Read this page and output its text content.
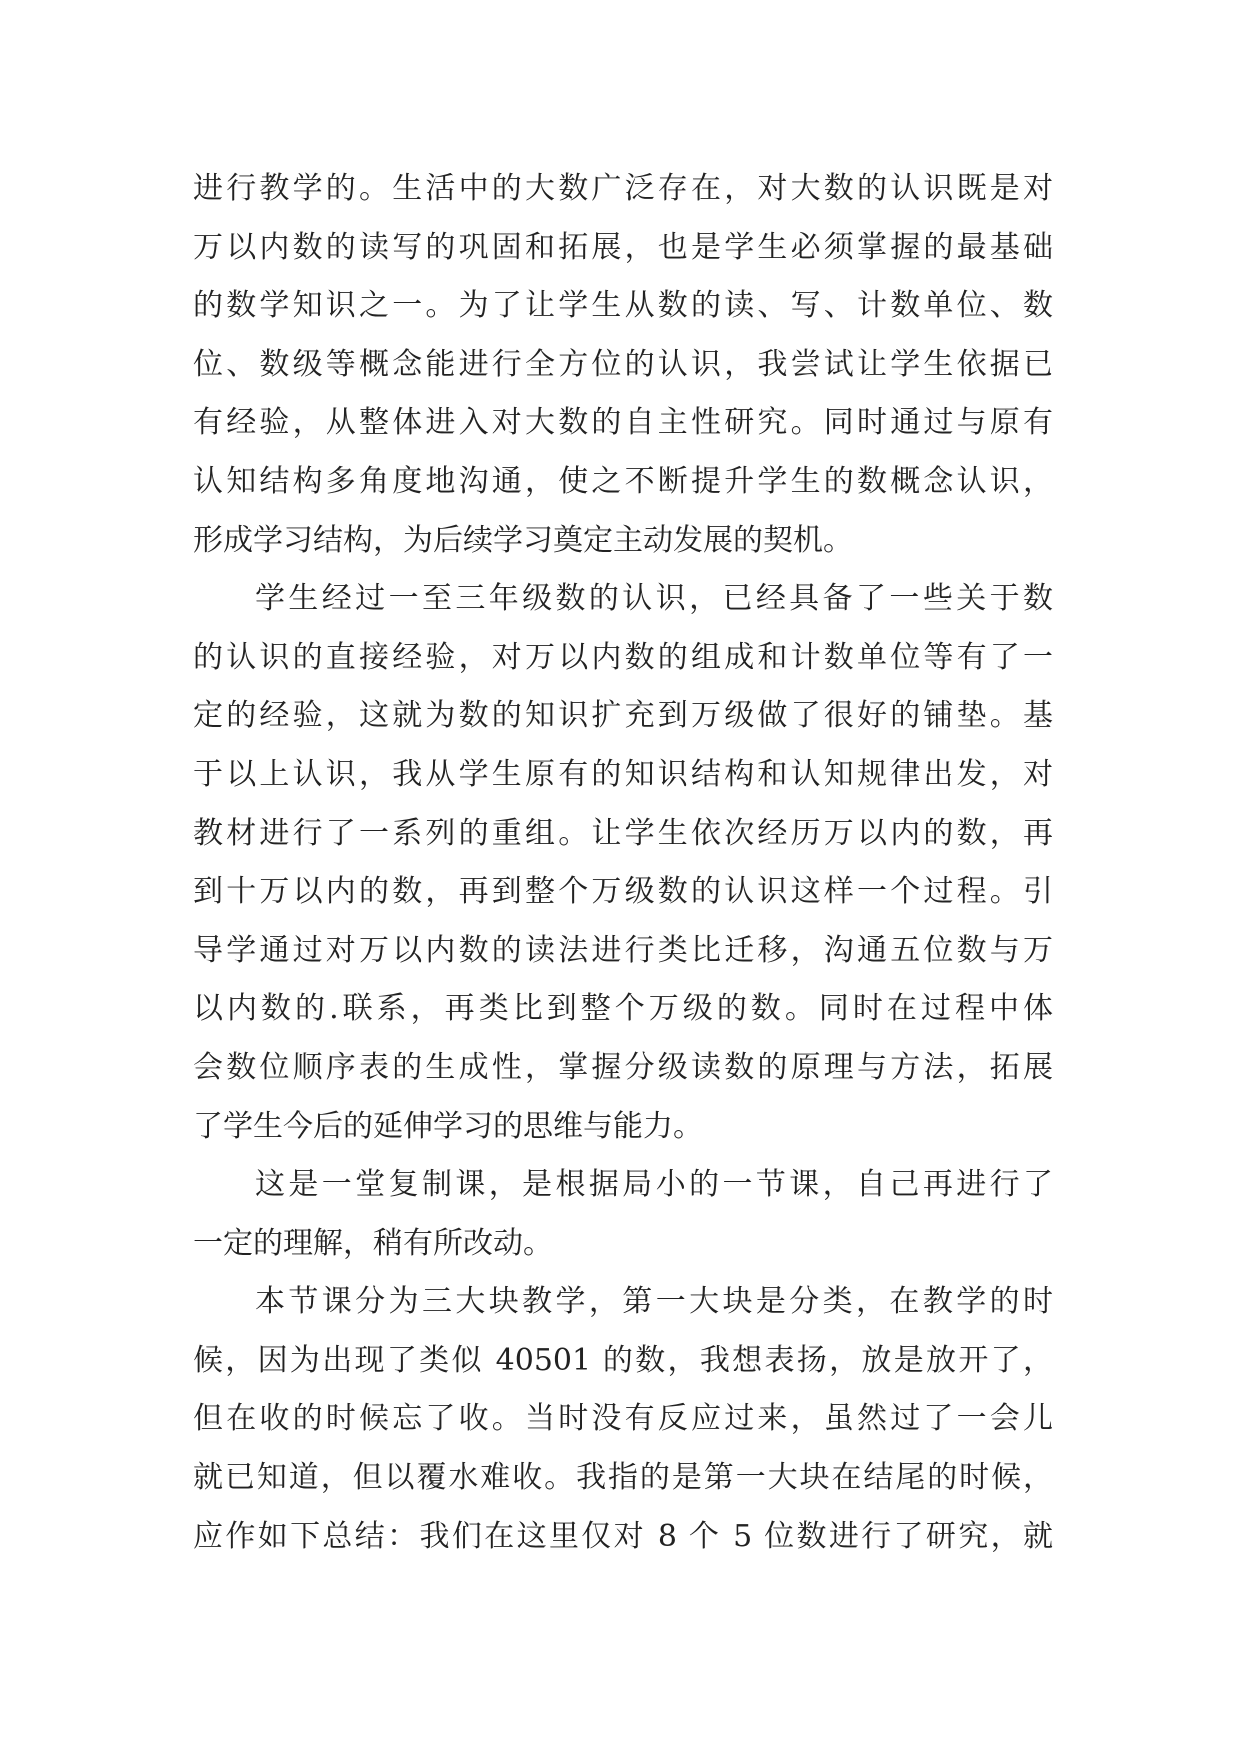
进行教学的。生活中的大数广泛存在，对大数的认识既是对
万以内数的读写的巩固和拓展，也是学生必须掌握的最基础
的数学知识之一。为了让学生从数的读、写、计数单位、数
位、数级等概念能进行全方位的认识，我尝试让学生依据已
有经验，从整体进入对大数的自主性研究。同时通过与原有
认知结构多角度地沟通，使之不断提升学生的数概念认识，
形成学习结构，为后续学习奠定主动发展的契机。
学生经过一至三年级数的认识，已经具备了一些关于数
的认识的直接经验，对万以内数的组成和计数单位等有了一
定的经验，这就为数的知识扩充到万级做了很好的铺垫。基
于以上认识，我从学生原有的知识结构和认知规律出发，对
教材进行了一系列的重组。让学生依次经历万以内的数，再
到十万以内的数，再到整个万级数的认识这样一个过程。引
导学通过对万以内数的读法进行类比迁移，沟通五位数与万
以内数的.联系，再类比到整个万级的数。同时在过程中体
会数位顺序表的生成性，掌握分级读数的原理与方法，拓展
了学生今后的延伸学习的思维与能力。
这是一堂复制课，是根据局小的一节课，自己再进行了
一定的理解，稍有所改动。
本节课分为三大块教学，第一大块是分类，在教学的时
候，因为出现了类似 40501 的数，我想表扬，放是放开了，
但在收的时候忘了收。当时没有反应过来，虽然过了一会儿
就已知道，但以覆水难收。我指的是第一大块在结尾的时候，
应作如下总结：我们在这里仅对 8 个 5 位数进行了研究，就
